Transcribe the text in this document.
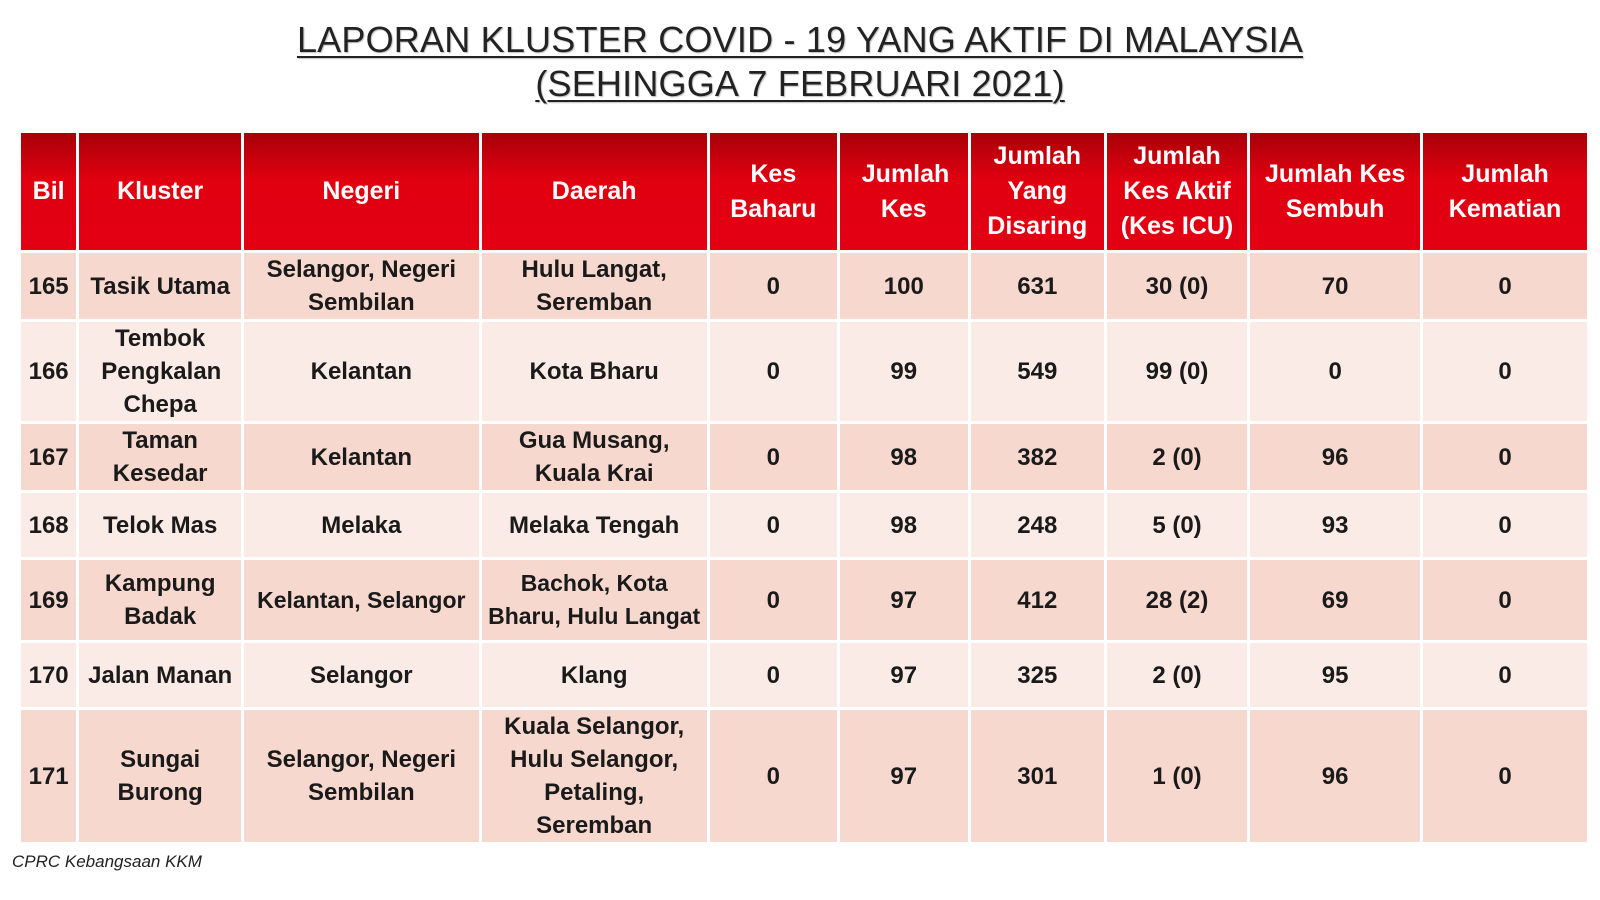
LAPORAN KLUSTER COVID - 19 YANG AKTIF DI MALAYSIA
(SEHINGGA 7 FEBRUARI 2021)
Bil	Kluster	Negeri	Daerah	Kes Baharu	Jumlah Kes	Jumlah Yang Disaring	Jumlah Kes Aktif (Kes ICU)	Jumlah Kes Sembuh	Jumlah Kematian
165	Tasik Utama	Selangor, Negeri Sembilan	Hulu Langat, Seremban	0	100	631	30 (0)	70	0
166	Tembok Pengkalan Chepa	Kelantan	Kota Bharu	0	99	549	99 (0)	0	0
167	Taman Kesedar	Kelantan	Gua Musang, Kuala Krai	0	98	382	2 (0)	96	0
168	Telok Mas	Melaka	Melaka Tengah	0	98	248	5 (0)	93	0
169	Kampung Badak	Kelantan, Selangor	Bachok, Kota Bharu, Hulu Langat	0	97	412	28 (2)	69	0
170	Jalan Manan	Selangor	Klang	0	97	325	2 (0)	95	0
171	Sungai Burong	Selangor, Negeri Sembilan	Kuala Selangor, Hulu Selangor, Petaling, Seremban	0	97	301	1 (0)	96	0
CPRC Kebangsaan KKM
